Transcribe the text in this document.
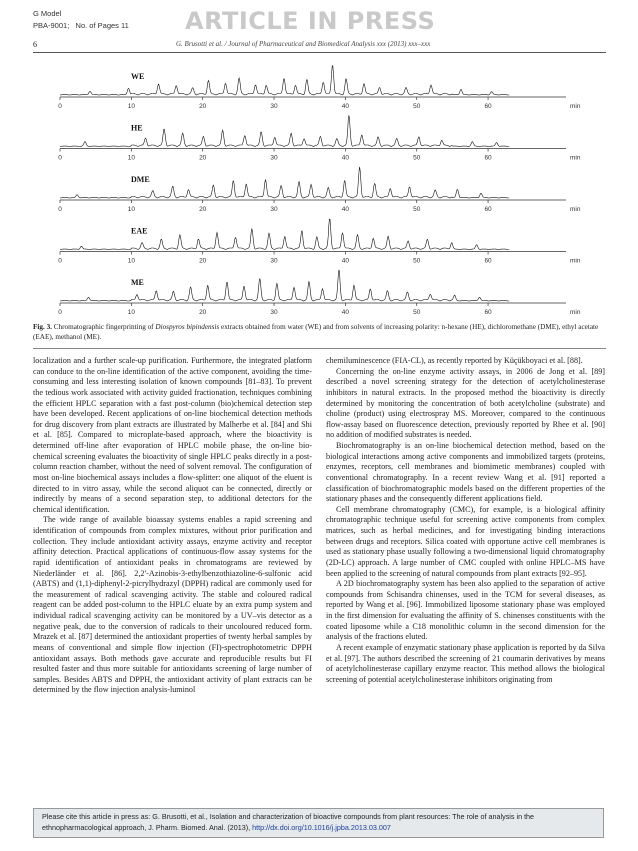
G Model
PBA-9001; No. of Pages 11 ARTICLE IN PRESS
6	G. Brusotti et al. / Journal of Pharmaceutical and Biomedical Analysis xxx (2013) xxx–xxx
0	10	20	30	40	50	60	min
WE
0	10	20	30	40	50	60	min
HE
0	10	20	30	40	50	60	min
DME
0	10	20	30	40	50	60	min
EAE
0	10	20	30	40	50	60	min
ME
Fig. 3. Chromatographic fingerprinting of Diospyros bipindensis extracts obtained from water (WE) and from solvents of increasing polarity: n-hexane (HE), dichloromethane (DME), ethyl acetate (EAE), methanol (ME).

localization and a further scale-up purification. Furthermore, the integrated platform can conduce to the on-line identification of the active component, avoiding the time-consuming and less interesting isolation of known compounds [81–83]. To prevent the tedious work associated with activity guided fractionation, techniques combining the efficient HPLC separation with a fast post-column (bio)chemical detection step have been developed. Recent applications of on-line biochemical detection methods for drug discovery from plant extracts are illustrated by Malherbe et al. [84] and Shi et al. [85]. Compared to microplate-based approach, where the bioactivity is determined off-line after evaporation of HPLC mobile phase, the on-line bio-chemical screening evaluates the bioactivity of single HPLC peaks directly in a post-column reaction chamber, without the need of solvent removal. The configuration of most on-line biochemical assays includes a flow-splitter: one aliquot of the eluent is directed to in vitro assay, while the second aliquot can be connected, directly or indirectly by means of a second separation step, to additional detectors for the chemical identification.

The wide range of available bioassay systems enables a rapid screening and identification of compounds from complex mixtures, without prior purification and collection. They include antioxidant activity assays, enzyme activity and receptor affinity detection. Practical applications of continuous-flow assay systems for the rapid identification of antioxidant peaks in chromatograms are reviewed by Niederländer et al. [86]. 2,2′-Azinobis-3-ethylbenzothiazoline-6-sulfonic acid (ABTS) and (1,1)-diphenyl-2-picrylhydrazyl (DPPH) radical are commonly used for the measurement of radical scavenging activity. The stable and coloured radical reagent can be added post-column to the HPLC eluate by an extra pump system and individual radical scavenging activity can be monitored by a UV–vis detector as a negative peak, due to the conversion of radicals to their uncoloured reduced form. Mrazek et al. [87] determined the antioxidant properties of twenty herbal samples by means of conventional and simple flow injection (FI)-spectrophotometric DPPH antioxidant assays. Both methods gave accurate and reproducible results but FI resulted faster and thus more suitable for antioxidants screening of large number of samples. Besides ABTS and DPPH, the antioxidant activity of plant extracts can be determined by the flow injection analysis-luminol

chemiluminescence (FIA-CL), as recently reported by Küçükboyaci et al. [88].

Concerning the on-line enzyme activity assays, in 2006 de Jong et al. [89] described a novel screening strategy for the detection of acetylcholinesterase inhibitors in natural extracts. In the proposed method the bioactivity is directly determined by monitoring the concentration of both acetylcholine (substrate) and choline (product) using electrospray MS. Moreover, compared to the continuous flow-assay based on fluorescence detection, previously reported by Rhee et al. [90] no addition of modified substrates is needed.

Biochromatography is an on-line biochemical detection method, based on the biological interactions among active components and immobilized targets (proteins, enzymes, receptors, cell membranes and biomimetic membranes) coupled with conventional chromatography. In a recent review Wang et al. [91] reported a classification of biochromatographic models based on the different properties of the stationary phases and the consequently different applications field.

Cell membrane chromatography (CMC), for example, is a biological affinity chromatographic technique useful for screening active components from complex matrices, such as herbal medicines, and for investigating binding interactions between drugs and receptors. Silica coated with opportune active cell membranes is used as stationary phase usually following a two-dimensional liquid chromatography (2D-LC) approach. A large number of CMC coupled with online HPLC–MS have been applied to the screening of natural compounds from plant extracts [92–95].

A 2D biochromatography system has been also applied to the separation of active compounds from Schisandra chinenses, used in the TCM for several diseases, as reported by Wang et al. [96]. Immobilized liposome stationary phase was employed in the first dimension for evaluating the affinity of S. chinenses constituents with the coated liposome while a C18 monolithic column in the second dimension for the analysis of the fractions eluted.

A recent example of enzymatic stationary phase application is reported by da Silva et al. [97]. The authors described the screening of 21 coumarin derivatives by means of acetylcholinesterase capillary enzyme reactor. This method allows the biological screening of potential acetylcholinesterase inhibitors originating from

Please cite this article in press as: G. Brusotti, et al., Isolation and characterization of bioactive compounds from plant resources: The role of analysis in the ethnopharmacological approach, J. Pharm. Biomed. Anal. (2013), http://dx.doi.org/10.1016/j.jpba.2013.03.007
